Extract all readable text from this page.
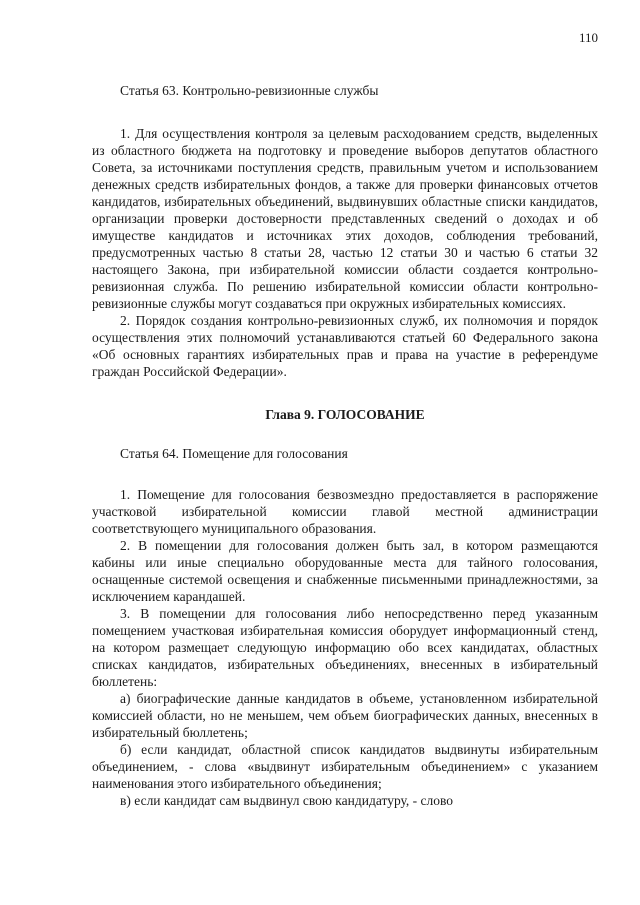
110
Статья 63. Контрольно-ревизионные службы

1. Для осуществления контроля за целевым расходованием средств, выделенных из областного бюджета на подготовку и проведение выборов депутатов областного Совета, за источниками поступления средств, правильным учетом и использованием денежных средств избирательных фондов, а также для проверки финансовых отчетов кандидатов, избирательных объединений, выдвинувших областные списки кандидатов, организации проверки достоверности представленных сведений о доходах и об имуществе кандидатов и источниках этих доходов, соблюдения требований, предусмотренных частью 8 статьи 28, частью 12 статьи 30 и частью 6 статьи 32 настоящего Закона, при избирательной комиссии области создается контрольно-ревизионная служба. По решению избирательной комиссии области контрольно-ревизионные службы могут создаваться при окружных избирательных комиссиях.

2. Порядок создания контрольно-ревизионных служб, их полномочия и порядок осуществления этих полномочий устанавливаются статьей 60 Федерального закона «Об основных гарантиях избирательных прав и права на участие в референдуме граждан Российской Федерации».

Глава 9. ГОЛОСОВАНИЕ
Статья 64. Помещение для голосования

1. Помещение для голосования безвозмездно предоставляется в распоряжение участковой избирательной комиссии главой местной администрации соответствующего муниципального образования.

2. В помещении для голосования должен быть зал, в котором размещаются кабины или иные специально оборудованные места для тайного голосования, оснащенные системой освещения и снабженные письменными принадлежностями, за исключением карандашей.

3. В помещении для голосования либо непосредственно перед указанным помещением участковая избирательная комиссия оборудует информационный стенд, на котором размещает следующую информацию обо всех кандидатах, областных списках кандидатов, избирательных объединениях, внесенных в избирательный бюллетень:

а) биографические данные кандидатов в объеме, установленном избирательной комиссией области, но не меньшем, чем объем биографических данных, внесенных в избирательный бюллетень;

б) если кандидат, областной список кандидатов выдвинуты избирательным объединением, - слова «выдвинут избирательным объединением» с указанием наименования этого избирательного объединения;

в) если кандидат сам выдвинул свою кандидатуру, - слово
